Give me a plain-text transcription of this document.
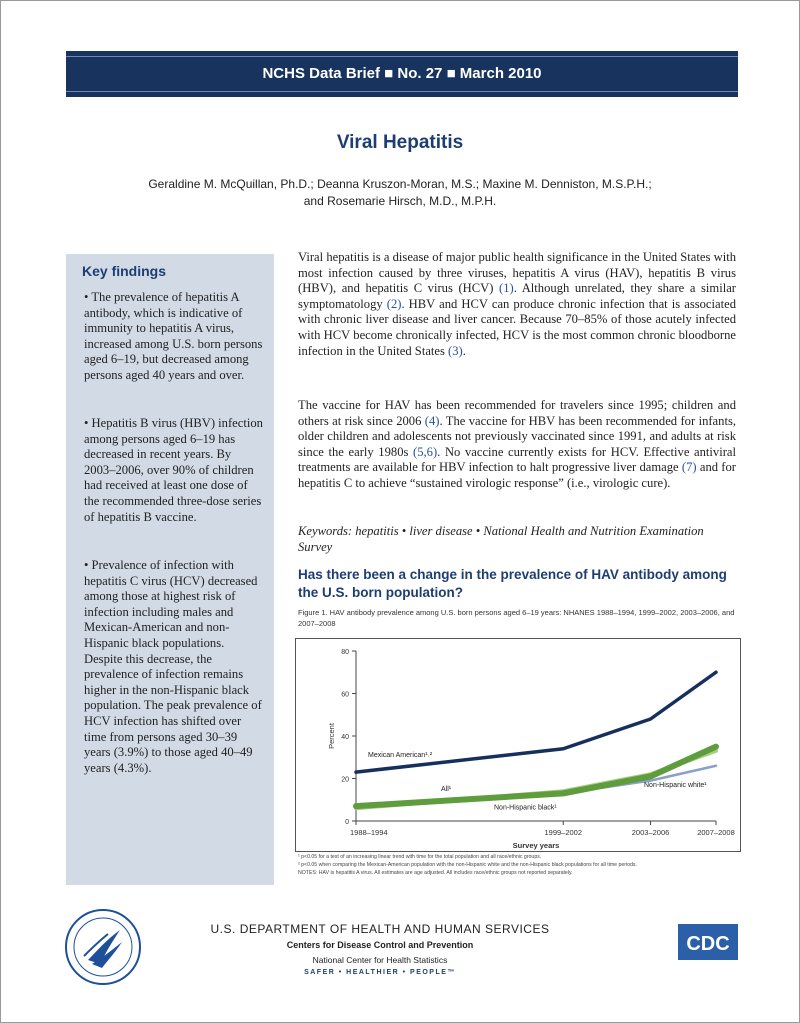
NCHS Data Brief ■ No. 27 ■ March 2010
Viral Hepatitis
Geraldine M. McQuillan, Ph.D.; Deanna Kruszon-Moran, M.S.; Maxine M. Denniston, M.S.P.H.;
and Rosemarie Hirsch, M.D., M.P.H.
Key findings
• The prevalence of hepatitis A antibody, which is indicative of immunity to hepatitis A virus, increased among U.S. born persons aged 6–19, but decreased among persons aged 40 years and over.
• Hepatitis B virus (HBV) infection among persons aged 6–19 has decreased in recent years. By 2003–2006, over 90% of children had received at least one dose of the recommended three-dose series of hepatitis B vaccine.
• Prevalence of infection with hepatitis C virus (HCV) decreased among those at highest risk of infection including males and Mexican-American and non-Hispanic black populations. Despite this decrease, the prevalence of infection remains higher in the non-Hispanic black population. The peak prevalence of HCV infection has shifted over time from persons aged 30–39 years (3.9%) to those aged 40–49 years (4.3%).
Viral hepatitis is a disease of major public health significance in the United States with most infection caused by three viruses, hepatitis A virus (HAV), hepatitis B virus (HBV), and hepatitis C virus (HCV) (1). Although unrelated, they share a similar symptomatology (2). HBV and HCV can produce chronic infection that is associated with chronic liver disease and liver cancer. Because 70–85% of those acutely infected with HCV become chronically infected, HCV is the most common chronic bloodborne infection in the United States (3).
The vaccine for HAV has been recommended for travelers since 1995; children and others at risk since 2006 (4). The vaccine for HBV has been recommended for infants, older children and adolescents not previously vaccinated since 1991, and adults at risk since the early 1980s (5,6). No vaccine currently exists for HCV. Effective antiviral treatments are available for HBV infection to halt progressive liver damage (7) and for hepatitis C to achieve “sustained virologic response” (i.e., virologic cure).
Keywords: hepatitis • liver disease • National Health and Nutrition Examination Survey
Has there been a change in the prevalence of HAV antibody among the U.S. born population?
Figure 1. HAV antibody prevalence among U.S. born persons aged 6–19 years: NHANES 1988–1994, 1999–2002, 2003–2006, and 2007–2008
0
20
40
60
80
1988–1994	1999–2002	2003–2006	2007–2008
Survey years
Percent
Mexican American¹˒²
All¹
Non-Hispanic black¹
Non-Hispanic white¹
¹ p<0.05 for a test of an increasing linear trend with time for the total population and all race/ethnic groups.
² p<0.05 when comparing the Mexican-American population with the non-Hispanic white and the non-Hispanic black populations for all time periods.
NOTES: HAV is hepatitis A virus. All estimates are age adjusted. All includes race/ethnic groups not reported separately.
U.S. DEPARTMENT OF HEALTH AND HUMAN SERVICES
Centers for Disease Control and Prevention
National Center for Health Statistics
SAFER • HEALTHIER • PEOPLE™
CDC
